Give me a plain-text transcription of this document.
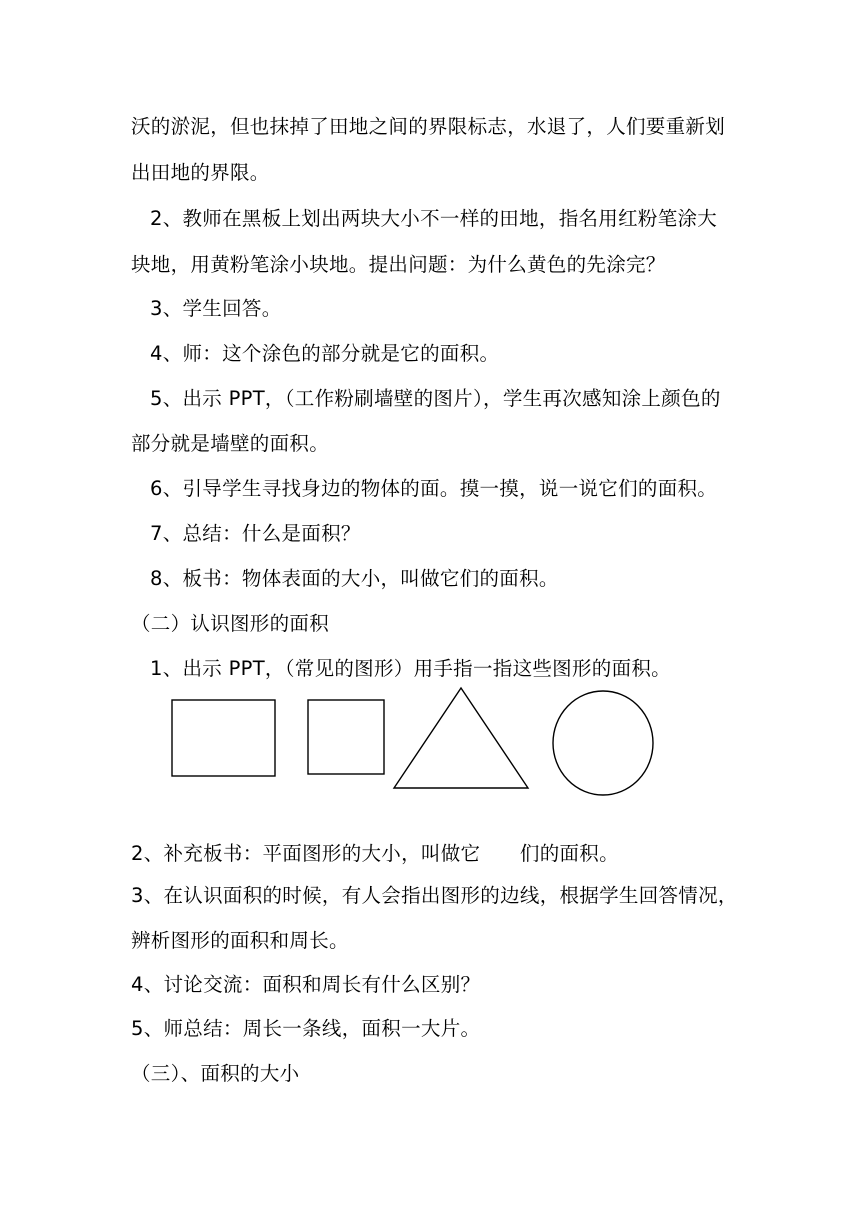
沃的淤泥，但也抹掉了田地之间的界限标志，水退了，人们要重新划
出田地的界限。
2、教师在黑板上划出两块大小不一样的田地，指名用红粉笔涂大
块地，用黄粉笔涂小块地。提出问题：为什么黄色的先涂完？
3、学生回答。
4、师：这个涂色的部分就是它的面积。
5、出示 PPT，（工作粉刷墙壁的图片），学生再次感知涂上颜色的
部分就是墙壁的面积。
6、引导学生寻找身边的物体的面。摸一摸，说一说它们的面积。
7、总结：什么是面积？
8、板书：物体表面的大小，叫做它们的面积。
（二）认识图形的面积
1、出示 PPT，（常见的图形）用手指一指这些图形的面积。
2、补充板书：平面图形的大小，叫做它　　们的面积。
3、在认识面积的时候，有人会指出图形的边线，根据学生回答情况，
辨析图形的面积和周长。
4、讨论交流：面积和周长有什么区别？
5、师总结：周长一条线，面积一大片。
（三）、面积的大小
